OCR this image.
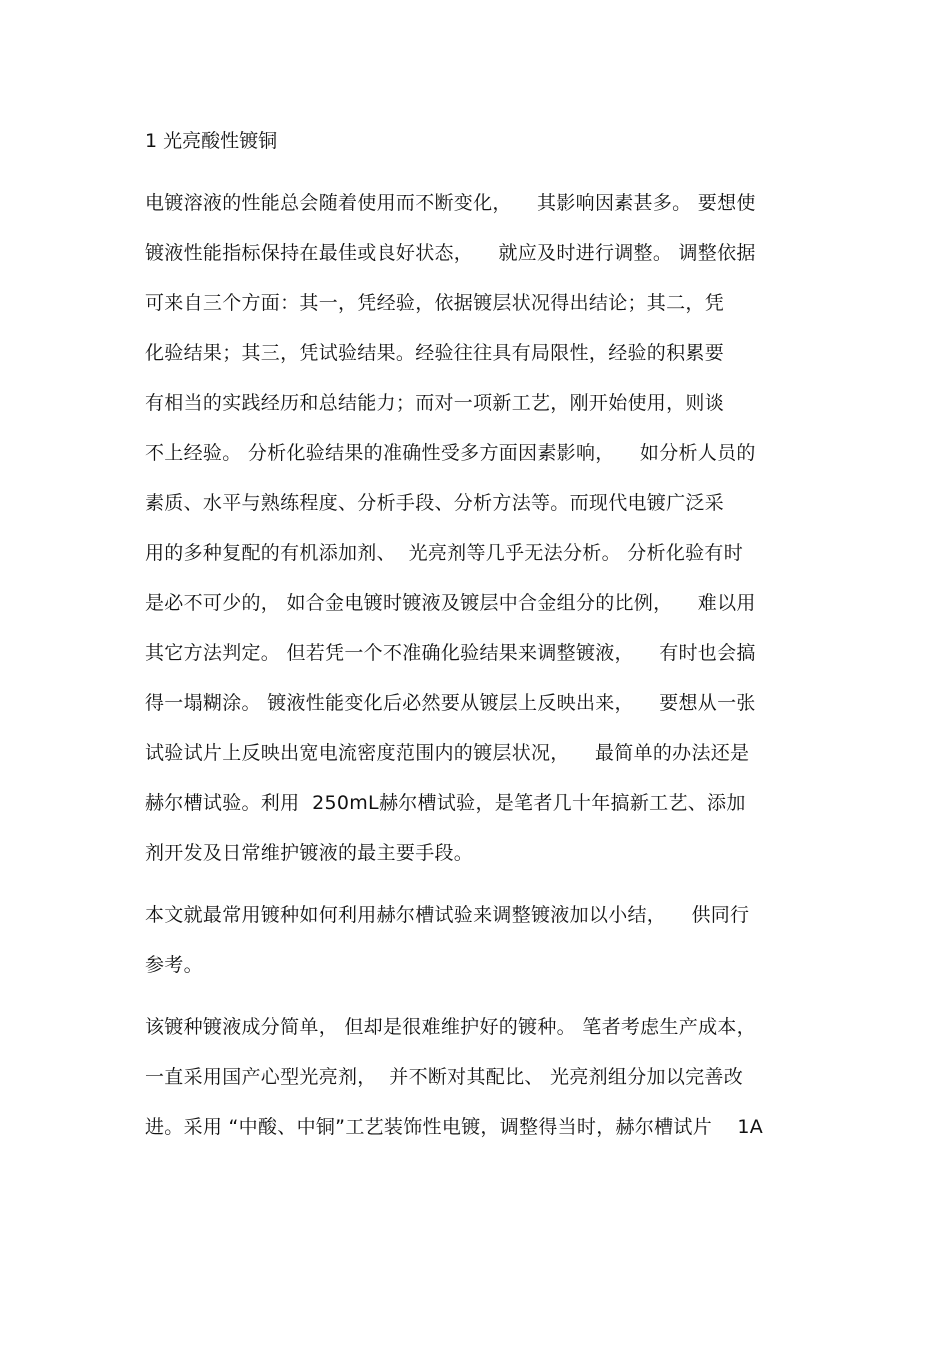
1 光亮酸性镀铜
电镀溶液的性能总会随着使用而不断变化，    其影响因素甚多。 要想使
镀液性能指标保持在最佳或良好状态，    就应及时进行调整。 调整依据
可来自三个方面：其一，凭经验，依据镀层状况得出结论；其二，凭
化验结果；其三，凭试验结果。经验往往具有局限性，经验的积累要
有相当的实践经历和总结能力；而对一项新工艺，刚开始使用，则谈
不上经验。 分析化验结果的准确性受多方面因素影响，    如分析人员的
素质、水平与熟练程度、分析手段、分析方法等。而现代电镀广泛采
用的多种复配的有机添加剂、  光亮剂等几乎无法分析。 分析化验有时
是必不可少的， 如合金电镀时镀液及镀层中合金组分的比例，    难以用
其它方法判定。 但若凭一个不准确化验结果来调整镀液，    有时也会搞
得一塌糊涂。 镀液性能变化后必然要从镀层上反映出来，    要想从一张
试验试片上反映出宽电流密度范围内的镀层状况，    最简单的办法还是
赫尔槽试验。利用  250mL赫尔槽试验，是笔者几十年搞新工艺、添加
剂开发及日常维护镀液的最主要手段。
本文就最常用镀种如何利用赫尔槽试验来调整镀液加以小结，    供同行
参考。
该镀种镀液成分简单， 但却是很难维护好的镀种。 笔者考虑生产成本，
一直采用国产心型光亮剂，  并不断对其配比、 光亮剂组分加以完善改
进。采用 “中酸、中铜”工艺装饰性电镀，调整得当时，赫尔槽试片    1A
